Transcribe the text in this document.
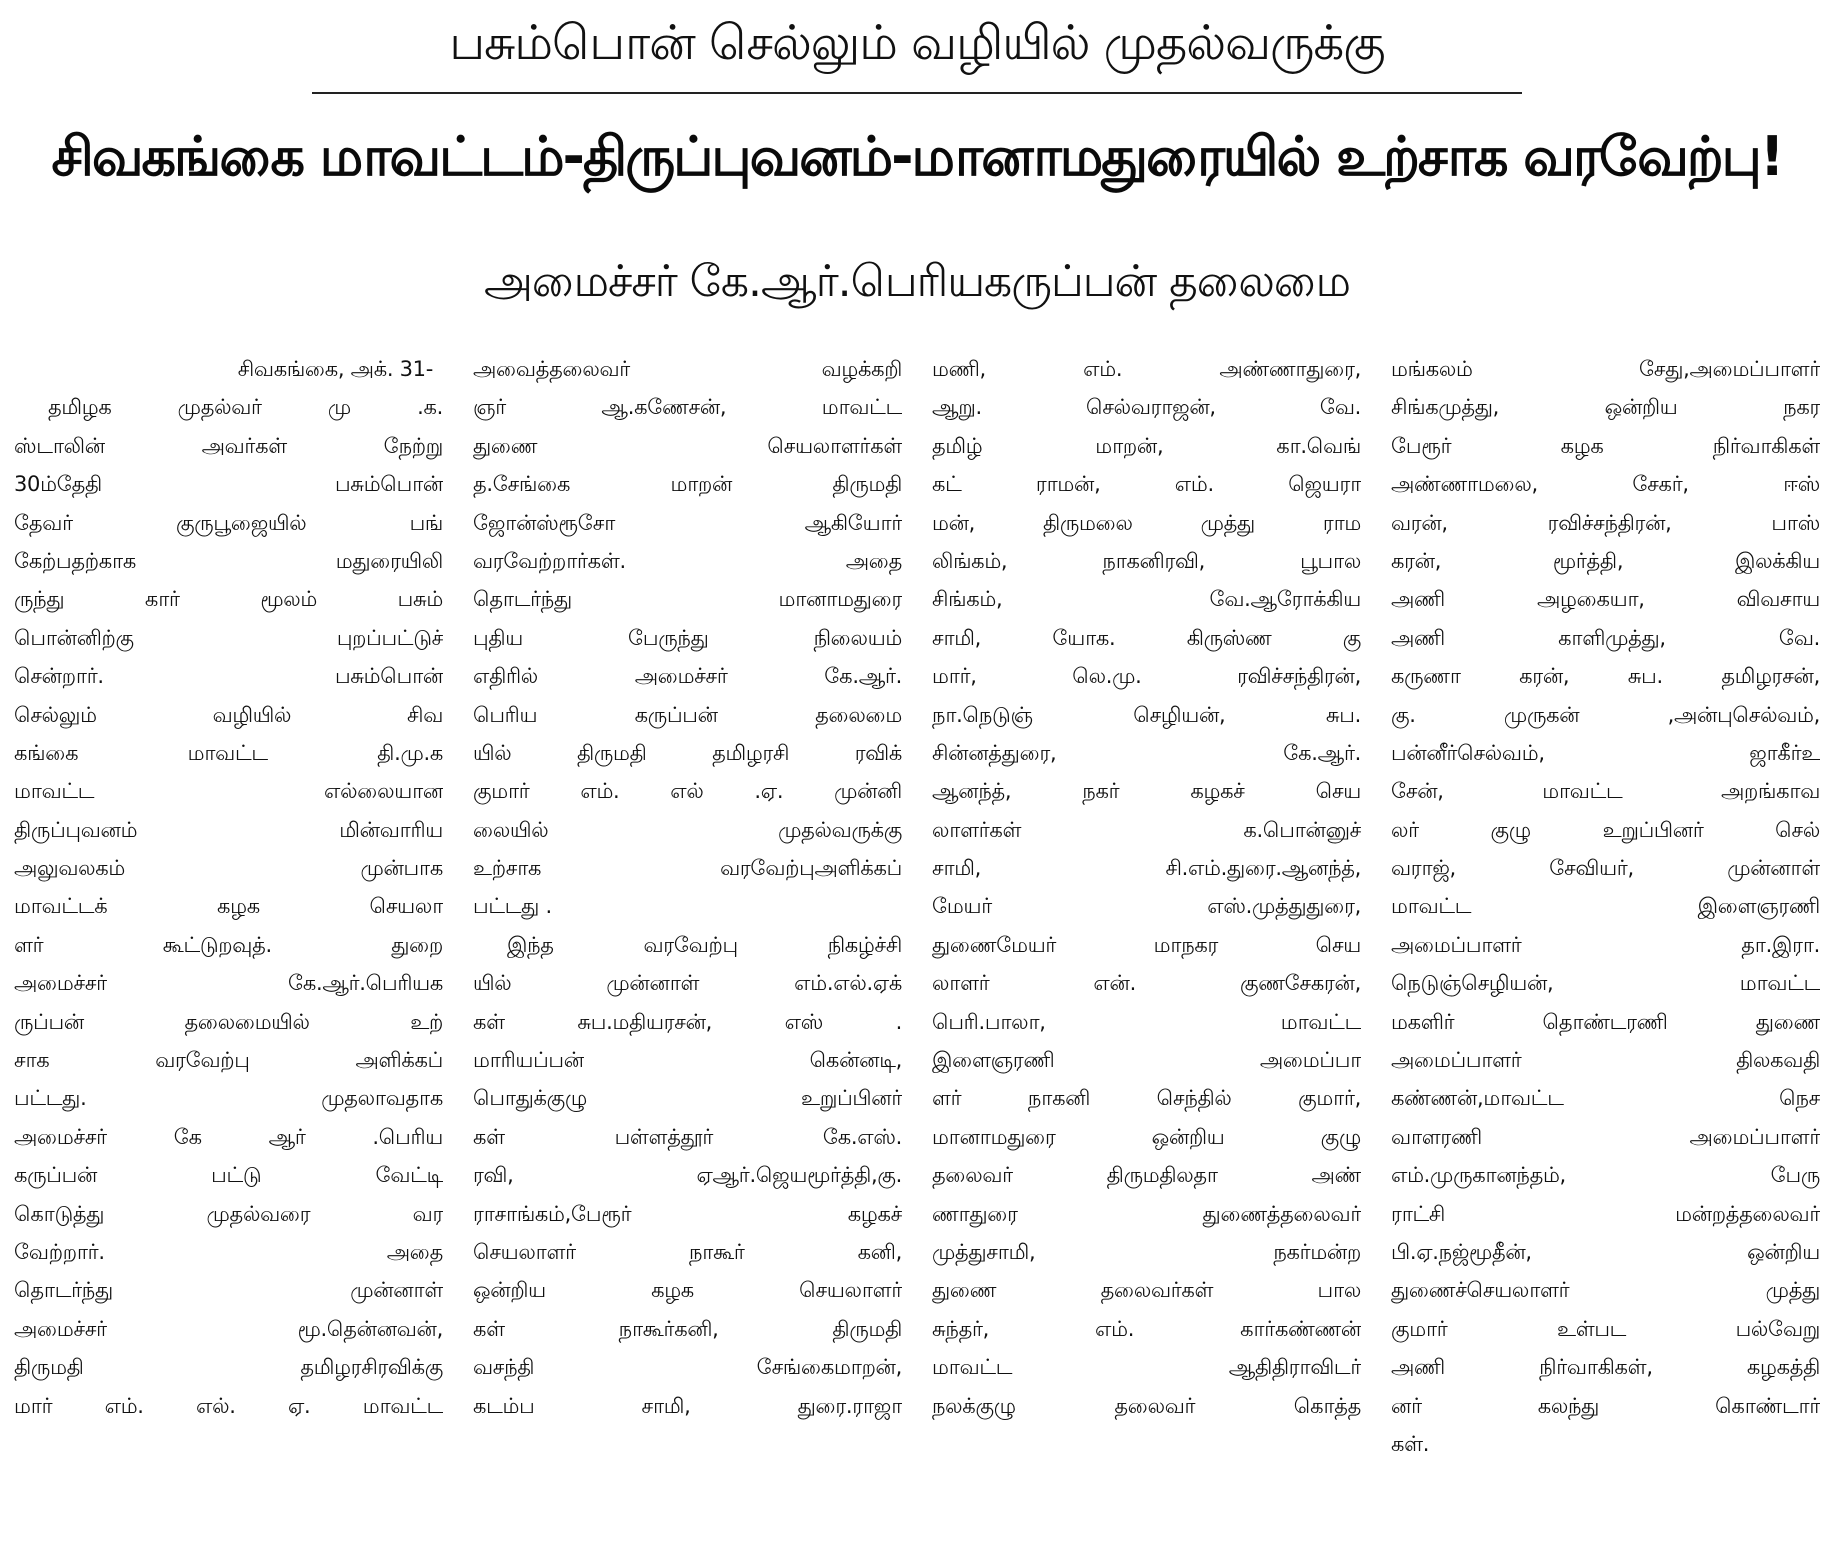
பசும்பொன் செல்லும் வழியில் முதல்வருக்கு
சிவகங்கை மாவட்டம்-திருப்புவனம்-மானாமதுரையில் உற்சாக வரவேற்பு!
அமைச்சர் கே.ஆர்.பெரியகருப்பன் தலைமை
சிவகங்கை, அக். 31-
தமிழக முதல்வர் மு .க.
ஸ்டாலின் அவர்கள் நேற்று
30ம்தேதி பசும்பொன்
தேவர் குருபூஜையில் பங்
கேற்பதற்காக மதுரையிலி
ருந்து கார் மூலம் பசும்
பொன்னிற்கு புறப்பட்டுச்
சென்றார். பசும்பொன்
செல்லும் வழியில் சிவ
கங்கை மாவட்ட தி.மு.க
மாவட்ட எல்லையான
திருப்புவனம் மின்வாரிய
அலுவலகம் முன்பாக
மாவட்டக் கழக செயலா
ளர் கூட்டுறவுத். துறை
அமைச்சர் கே.ஆர்.பெரியக
ருப்பன் தலைமையில் உற்
சாக வரவேற்பு அளிக்கப்
பட்டது. முதலாவதாக
அமைச்சர் கே ஆர் .பெரிய
கருப்பன் பட்டு வேட்டி
கொடுத்து முதல்வரை வர
வேற்றார். அதை
தொடர்ந்து முன்னாள்
அமைச்சர் மூ.தென்னவன்,
திருமதி தமிழரசிரவிக்கு
மார் எம். எல். ஏ. மாவட்ட
அவைத்தலைவர் வழக்கறி
ஞர் ஆ.கணேசன், மாவட்ட
துணை செயலாளர்கள்
த.சேங்கை மாறன் திருமதி
ஜோன்ஸ்ரூசோ ஆகியோர்
வரவேற்றார்கள். அதை
தொடர்ந்து மானாமதுரை
புதிய பேருந்து நிலையம்
எதிரில் அமைச்சர் கே.ஆர்.
பெரிய கருப்பன் தலைமை
யில் திருமதி தமிழரசி ரவிக்
குமார் எம். எல் .ஏ. முன்னி
லையில் முதல்வருக்கு
உற்சாக வரவேற்புஅளிக்கப்
பட்டது .
இந்த வரவேற்பு நிகழ்ச்சி
யில் முன்னாள் எம்.எல்.ஏக்
கள் சுப.மதியரசன், எஸ் .
மாரியப்பன் கென்னடி,
பொதுக்குழு உறுப்பினர்
கள் பள்ளத்தூர் கே.எஸ்.
ரவி, ஏஆர்.ஜெயமூர்த்தி,கு.
ராசாங்கம்,பேரூர் கழகச்
செயலாளர் நாகூர் கனி,
ஒன்றிய கழக செயலாளர்
கள் நாகூர்கனி, திருமதி
வசந்தி சேங்கைமாறன்,
கடம்ப சாமி, துரை.ராஜா
மணி, எம். அண்ணாதுரை,
ஆறு. செல்வராஜன், வே.
தமிழ் மாறன், கா.வெங்
கட் ராமன், எம். ஜெயரா
மன், திருமலை முத்து ராம
லிங்கம், நாகனிரவி, பூபால
சிங்கம், வே.ஆரோக்கிய
சாமி, யோக. கிருஸ்ண கு
மார், லெ.மு. ரவிச்சந்திரன்,
நா.நெடுஞ் செழியன், சுப.
சின்னத்துரை, கே.ஆர்.
ஆனந்த், நகர் கழகச் செய
லாளர்கள் க.பொன்னுச்
சாமி, சி.எம்.துரை.ஆனந்த்,
மேயர் எஸ்.முத்துதுரை,
துணைமேயர் மாநகர செய
லாளர் என். குணசேகரன்,
பெரி.பாலா, மாவட்ட
இளைஞரணி அமைப்பா
ளர் நாகனி செந்தில் குமார்,
மானாமதுரை ஒன்றிய குழு
தலைவர் திருமதிலதா அண்
ணாதுரை துணைத்தலைவர்
முத்துசாமி, நகர்மன்ற
துணை தலைவர்கள் பால
சுந்தர், எம். கார்கண்ணன்
மாவட்ட ஆதிதிராவிடர்
நலக்குழு தலைவர் கொத்த
மங்கலம் சேது,அமைப்பாளர்
சிங்கமுத்து, ஒன்றிய நகர
பேரூர் கழக நிர்வாகிகள்
அண்ணாமலை, சேகர், ஈஸ்
வரன், ரவிச்சந்திரன், பாஸ்
கரன், மூர்த்தி, இலக்கிய
அணி அழகையா, விவசாய
அணி காளிமுத்து, வே.
கருணா கரன், சுப. தமிழரசன்,
கு. முருகன் ,அன்புசெல்வம்,
பன்னீர்செல்வம், ஜாகீர்உ
சேன், மாவட்ட அறங்காவ
லர் குழு உறுப்பினர் செல்
வராஜ், சேவியர், முன்னாள்
மாவட்ட இளைஞரணி
அமைப்பாளர் தா.இரா.
நெடுஞ்செழியன், மாவட்ட
மகளிர் தொண்டரணி துணை
அமைப்பாளர் திலகவதி
கண்ணன்,மாவட்ட நெச
வாளரணி அமைப்பாளர்
எம்.முருகானந்தம், பேரு
ராட்சி மன்றத்தலைவர்
பி.ஏ.நஜ்மூதீன், ஒன்றிய
துணைச்செயலாளர் முத்து
குமார் உள்பட பல்வேறு
அணி நிர்வாகிகள், கழகத்தி
னர் கலந்து கொண்டார்
கள்.
